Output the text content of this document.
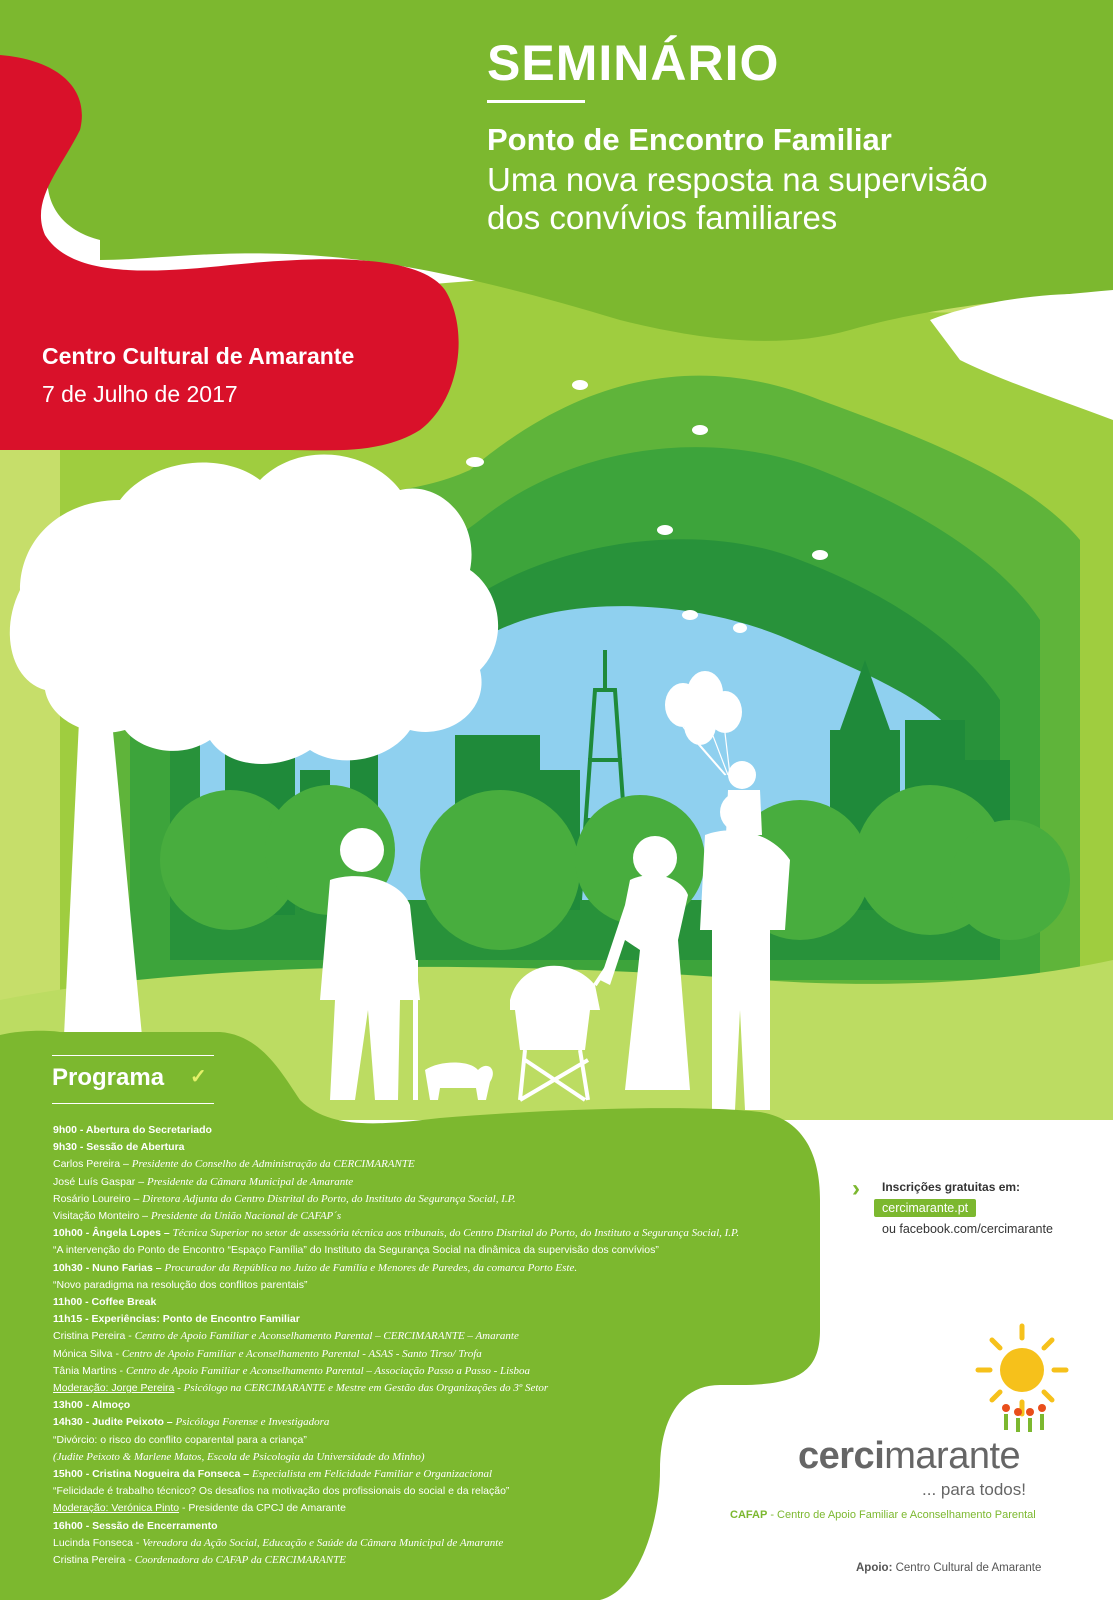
SEMINÁRIO
Ponto de Encontro Familiar
Uma nova resposta na supervisão
dos convívios familiares
Centro Cultural de Amarante
7 de Julho de 2017
Programa ✓
9h00 - Abertura do Secretariado
9h30 - Sessão de Abertura
Carlos Pereira – Presidente do Conselho de Administração da CERCIMARANTE
José Luís Gaspar – Presidente da Câmara Municipal de Amarante
Rosário Loureiro – Diretora Adjunta do Centro Distrital do Porto, do Instituto da Segurança Social, I.P.
Visitação Monteiro – Presidente da União Nacional de CAFAP´s
10h00 - Ângela Lopes – Técnica Superior no setor de assessória técnica aos tribunais, do Centro Distrital do Porto, do Instituto a Segurança Social, I.P.
“A intervenção do Ponto de Encontro “Espaço Família” do Instituto da Segurança Social na dinâmica da supervisão dos convívios”
10h30 - Nuno Farias – Procurador da República no Juízo de Família e Menores de Paredes, da comarca Porto Este.
“Novo paradigma na resolução dos conflitos parentais”
11h00 - Coffee Break
11h15 - Experiências: Ponto de Encontro Familiar
Cristina Pereira - Centro de Apoio Familiar e Aconselhamento Parental – CERCIMARANTE – Amarante
Mónica Silva - Centro de Apoio Familiar e Aconselhamento Parental - ASAS - Santo Tirso/ Trofa
Tânia Martins - Centro de Apoio Familiar e Aconselhamento Parental – Associação Passo a Passo - Lisboa
Moderação: Jorge Pereira - Psicólogo na CERCIMARANTE e Mestre em Gestão das Organizações do 3º Setor
13h00 - Almoço
14h30 - Judite Peixoto – Psicóloga Forense e Investigadora
“Divórcio: o risco do conflito coparental para a criança”
(Judite Peixoto & Marlene Matos, Escola de Psicologia da Universidade do Minho)
15h00 - Cristina Nogueira da Fonseca – Especialista em Felicidade Familiar e Organizacional
“Felicidade é trabalho técnico? Os desafios na motivação dos profissionais do social e da relação”
Moderação: Verónica Pinto - Presidente da CPCJ de Amarante
16h00 - Sessão de Encerramento
Lucinda Fonseca - Vereadora da Ação Social, Educação e Saúde da Câmara Municipal de Amarante
Cristina Pereira - Coordenadora do CAFAP da CERCIMARANTE
› Inscrições gratuitas em:
cercimarante.pt
ou facebook.com/cercimarante
cercimarante
... para todos!
CAFAP - Centro de Apoio Familiar e Aconselhamento Parental
Apoio: Centro Cultural de Amarante
